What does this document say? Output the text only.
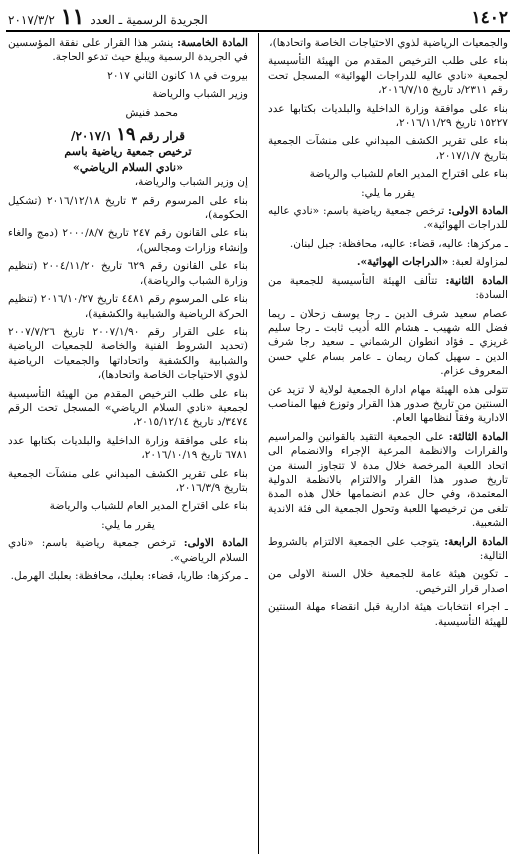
١٤٠٢
الجريدة الرسمية ـ العدد
١١
٢٠١٧/٣/٢

والجمعيات الرياضية لذوي الاحتياجات الخاصة واتحادها)،

بناء على طلب الترخيص المقدم من الهيئة التأسيسية لجمعية «نادي عاليه للدراجات الهوائية» المسجل تحت رقم ٢٣١١/د تاريخ ٢٠١٦/٧/١٥،

بناء على موافقة وزارة الداخلية والبلديات بكتابها عدد ١٥٢٢٧ تاريخ ٢٠١٦/١١/٢٩،

بناء على تقرير الكشف الميداني على منشآت الجمعية بتاريخ ٢٠١٧/١/٧،

بناء على اقتراح المدير العام للشباب والرياضة

يقرر ما يلي:

المادة الاولى: ترخص جمعية رياضية باسم: «نادي عاليه للدراجات الهوائية».

ـ مركزها: عاليه، قضاء: عاليه، محافظة: جبل لبنان.

لمزاولة لعبة: «الدراجات الهوائية».

المادة الثانية: تتألف الهيئة التأسيسية للجمعية من السادة:

عصام سعيد شرف الدين ـ رجا يوسف زحلان ـ ريما فضل الله شهيب ـ هشام الله أديب ثابت ـ رجا سليم غريزي ـ فؤاد انطوان الرشماني ـ سعيد رجا شرف الدين ـ سهيل كمان ريمان ـ عامر بسام علي حسن المعروف عزام.

تتولى هذه الهيئة مهام ادارة الجمعية لولاية لا تزيد عن السنتين من تاريخ صدور هذا القرار وتوزع فيها المناصب الادارية وفقاً لنظامها العام.

المادة الثالثة: على الجمعية التقيد بالقوانين والمراسيم والقرارات والانظمة المرعية الإجراء والانضمام الى اتحاد اللعبة المرخصة خلال مدة لا تتجاوز السنة من تاريخ صدور هذا القرار والالتزام بالانظمة الدولية المعتمدة، وفي حال عدم انضمامها خلال هذه المدة تلغى من ترخيصها اللعبة وتحول الجمعية الى فئة الاندية الشعبية.

المادة الرابعة: يتوجب على الجمعية الالتزام بالشروط التالية:

ـ تكوين هيئة عامة للجمعية خلال السنة الاولى من اصدار قرار الترخيص.

ـ اجراء انتخابات هيئة ادارية قبل انقضاء مهلة السنتين للهيئة التأسيسية.

المادة الخامسة: ينشر هذا القرار على نفقة المؤسسين في الجريدة الرسمية ويبلغ حيث تدعو الحاجة.

بيروت في ١٨ كانون الثاني ٢٠١٧

وزير الشباب والرياضة

محمد فنيش

قرار رقم ١٩ ٢٠١٧/١/
ترخيص جمعية رياضية باسم
«نادي السلام الرياضي»

إن وزير الشباب والرياضة،

بناء على المرسوم رقم ٣ تاريخ ٢٠١٦/١٢/١٨ (تشكيل الحكومة)،

بناء على القانون رقم ٢٤٧ تاريخ ٢٠٠٠/٨/٧ (دمج والغاء وإنشاء وزارات ومجالس)،

بناء على القانون رقم ٦٢٩ تاريخ ٢٠٠٤/١١/٢٠ (تنظيم وزارة الشباب والرياضة)،

بناء على المرسوم رقم ٤٤٨١ تاريخ ٢٠١٦/١٠/٢٧ (تنظيم الحركة الرياضية والشبابية والكشفية)،

بناء على القرار رقم ٢٠٠٧/١/٩٠ تاريخ ٢٠٠٧/٧/٢٦ (تحديد الشروط الفنية والخاصة للجمعيات الرياضية والشبابية والكشفية واتحاداتها والجمعيات الرياضية لذوي الاحتياجات الخاصة واتحادها)،

بناء على طلب الترخيص المقدم من الهيئة التأسيسية لجمعية «نادي السلام الرياضي» المسجل تحت الرقم ٣٤٧٤/د تاريخ ٢٠١٥/١٢/١٤،

بناء على موافقة وزارة الداخلية والبلديات بكتابها عدد ٦٧٨١ تاريخ ٢٠١٦/١٠/١٩،

بناء على تقرير الكشف الميداني على منشآت الجمعية بتاريخ ٢٠١٦/٣/٩،

بناء على اقتراح المدير العام للشباب والرياضة

يقرر ما يلي:

المادة الاولى: ترخص جمعية رياضية باسم: «نادي السلام الرياضي».

ـ مركزها: طاريا، قضاء: بعلبك، محافظة: بعلبك الهرمل.
